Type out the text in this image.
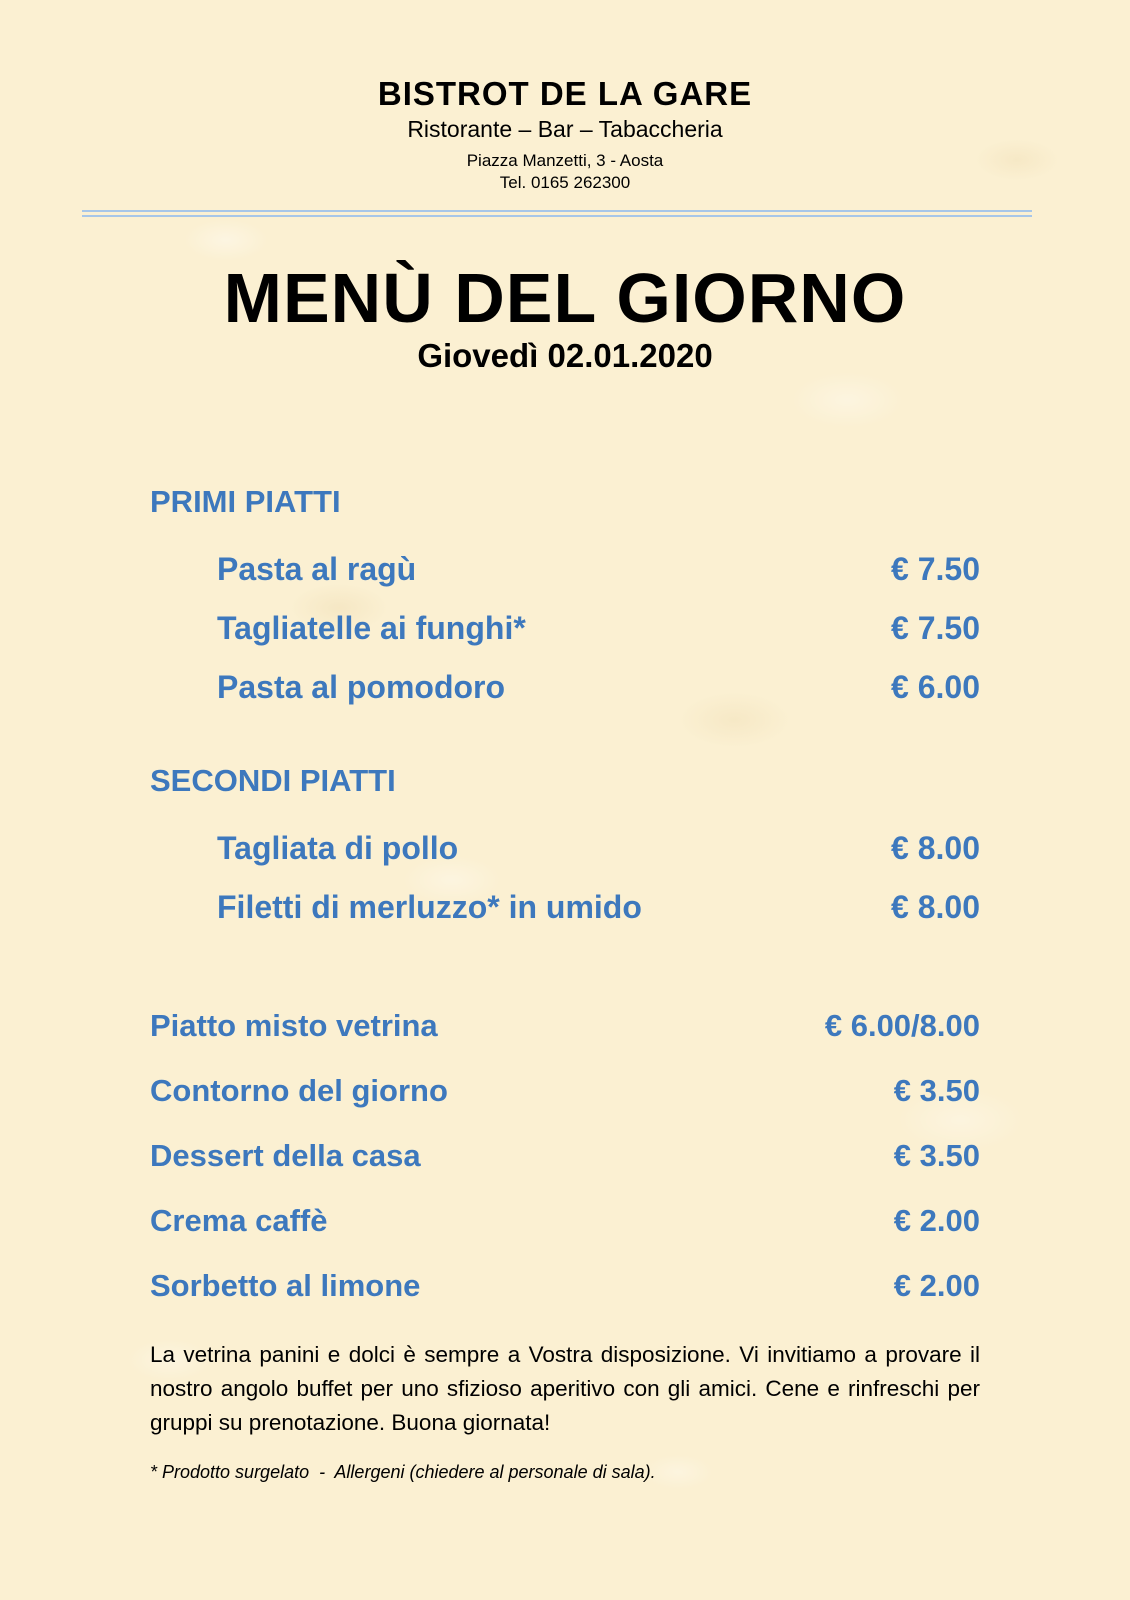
BISTROT DE LA GARE
Ristorante – Bar – Tabaccheria
Piazza Manzetti, 3 - Aosta
Tel. 0165 262300
MENÙ DEL GIORNO
Giovedì 02.01.2020
PRIMI PIATTI
Pasta al ragù	€ 7.50
Tagliatelle ai funghi*	€ 7.50
Pasta al pomodoro	€ 6.00
SECONDI PIATTI
Tagliata di pollo	€ 8.00
Filetti di merluzzo* in umido	€ 8.00
Piatto misto vetrina	€ 6.00/8.00
Contorno del giorno	€ 3.50
Dessert della casa	€ 3.50
Crema caffè	€ 2.00
Sorbetto al limone	€ 2.00
La vetrina panini e dolci è sempre a Vostra disposizione. Vi invitiamo a provare il nostro angolo buffet per uno sfizioso aperitivo con gli amici. Cene e rinfreschi per gruppi su prenotazione. Buona giornata!
* Prodotto surgelato  -  Allergeni (chiedere al personale di sala).
